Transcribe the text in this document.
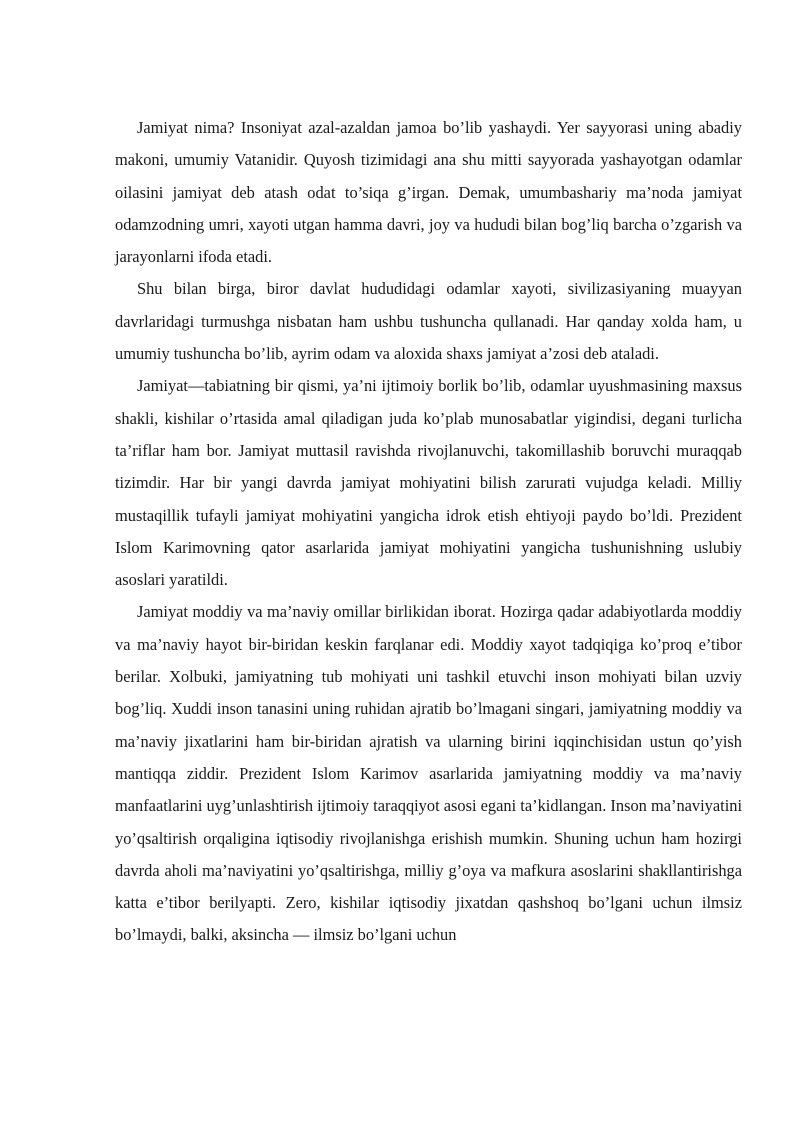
Jamiyat nima? Insoniyat azal-azaldan jamoa bo’lib yashaydi. Yer sayyorasi uning abadiy makoni, umumiy Vatanidir. Quyosh tizimidagi ana shu mitti sayyorada yashayotgan odamlar oilasini jamiyat deb atash odat to’siqa g’irgan. Demak, umumbashariy ma’noda jamiyat odamzodning umri, xayoti utgan hamma davri, joy va hududi bilan bog’liq barcha o’zgarish va jarayonlarni ifoda etadi.

Shu bilan birga, biror davlat hududidagi odamlar xayoti, sivilizasiyaning muayyan davrlaridagi turmushga nisbatan ham ushbu tushuncha qullanadi. Har qanday xolda ham, u umumiy tushuncha bo’lib, ayrim odam va aloxida shaxs jamiyat a’zosi deb ataladi.

Jamiyat—tabiatning bir qismi, ya’ni ijtimoiy borlik bo’lib, odamlar uyushmasining maxsus shakli, kishilar o’rtasida amal qiladigan juda ko’plab munosabatlar yigindisi, degani turlicha ta’riflar ham bor. Jamiyat muttasil ravishda rivojlanuvchi, takomillashib boruvchi muraqqab tizimdir. Har bir yangi davrda jamiyat mohiyatini bilish zarurati vujudga keladi. Milliy mustaqillik tufayli jamiyat mohiyatini yangicha idrok etish ehtiyoji paydo bo’ldi. Prezident Islom Karimovning qator asarlarida jamiyat mohiyatini yangicha tushunishning uslubiy asoslari yaratildi.

Jamiyat moddiy va ma’naviy omillar birlikidan iborat. Hozirga qadar adabiyotlarda moddiy va ma’naviy hayot bir-biridan keskin farqlanar edi. Moddiy xayot tadqiqiga ko’proq e’tibor berilar. Xolbuki, jamiyatning tub mohiyati uni tashkil etuvchi inson mohiyati bilan uzviy bog’liq. Xuddi inson tanasini uning ruhidan ajratib bo’lmagani singari, jamiyatning moddiy va ma’naviy jixatlarini ham bir-biridan ajratish va ularning birini iqqinchisidan ustun qo’yish mantiqqa ziddir. Prezident Islom Karimov asarlarida jamiyatning moddiy va ma’naviy manfaatlarini uyg’unlashtirish ijtimoiy taraqqiyot asosi egani ta’kidlangan. Inson ma’naviyatini yo’qsaltirish orqaligina iqtisodiy rivojlanishga erishish mumkin. Shuning uchun ham hozirgi davrda aholi ma’naviyatini yo’qsaltirishga, milliy g’oya va mafkura asoslarini shakllantirishga katta e’tibor berilyapti. Zero, kishilar iqtisodiy jixatdan qashshoq bo’lgani uchun ilmsiz bo’lmaydi, balki, aksincha — ilmsiz bo’lgani uchun
